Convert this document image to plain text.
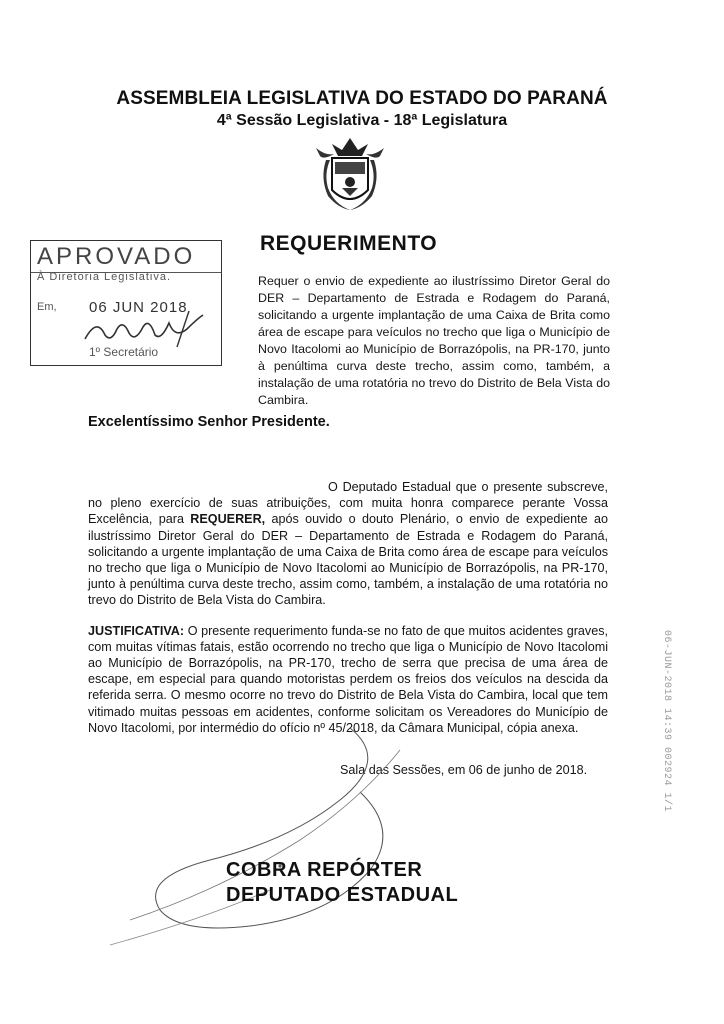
ASSEMBLEIA LEGISLATIVA DO ESTADO DO PARANÁ
4ª Sessão Legislativa - 18ª Legislatura
APROVADO
À Diretoria Legislativa.
Em, 06 JUN 2018
1º Secretário
REQUERIMENTO
Requer o envio de expediente ao ilustríssimo Diretor Geral do DER – Departamento de Estrada e Rodagem do Paraná, solicitando a urgente implantação de uma Caixa de Brita como área de escape para veículos no trecho que liga o Município de Novo Itacolomi ao Município de Borrazópolis, na PR-170, junto à penúltima curva deste trecho, assim como, também, a instalação de uma rotatória no trevo do Distrito de Bela Vista do Cambira.
Excelentíssimo Senhor Presidente.

O Deputado Estadual que o presente subscreve, no pleno exercício de suas atribuições, com muita honra comparece perante Vossa Excelência, para REQUERER, após ouvido o douto Plenário, o envio de expediente ao ilustríssimo Diretor Geral do DER – Departamento de Estrada e Rodagem do Paraná, solicitando a urgente implantação de uma Caixa de Brita como área de escape para veículos no trecho que liga o Município de Novo Itacolomi ao Município de Borrazópolis, na PR-170, junto à penúltima curva deste trecho, assim como, também, a instalação de uma rotatória no trevo do Distrito de Bela Vista do Cambira.

JUSTIFICATIVA: O presente requerimento funda-se no fato de que muitos acidentes graves, com muitas vítimas fatais, estão ocorrendo no trecho que liga o Município de Novo Itacolomi ao Município de Borrazópolis, na PR-170, trecho de serra que precisa de uma área de escape, em especial para quando motoristas perdem os freios dos veículos na descida da referida serra. O mesmo ocorre no trevo do Distrito de Bela Vista do Cambira, local que tem vitimado muitas pessoas em acidentes, conforme solicitam os Vereadores do Município de Novo Itacolomi, por intermédio do ofício nº 45/2018, da Câmara Municipal, cópia anexa.

Sala das Sessões, em 06 de junho de 2018.
COBRA REPÓRTER
DEPUTADO ESTADUAL
06-JUN-2018 14:39 002924 1/1
